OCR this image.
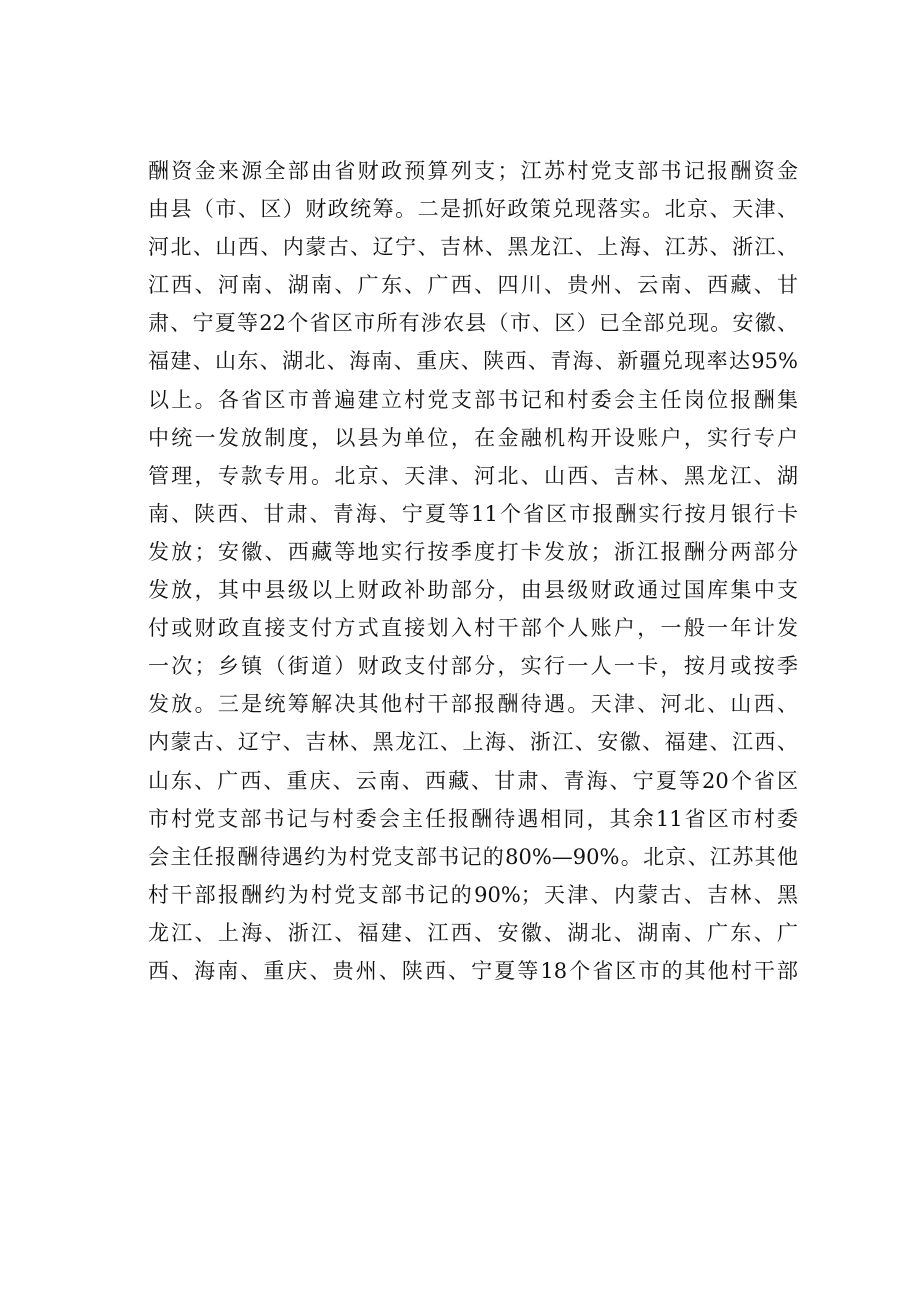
酬资金来源全部由省财政预算列支；江苏村党支部书记报酬资金
由县（市、区）财政统筹。二是抓好政策兑现落实。北京、天津、
河北、山西、内蒙古、辽宁、吉林、黑龙江、上海、江苏、浙江、
江西、河南、湖南、广东、广西、四川、贵州、云南、西藏、甘
肃、宁夏等22个省区市所有涉农县（市、区）已全部兑现。安徽、
福建、山东、湖北、海南、重庆、陕西、青海、新疆兑现率达95%
以上。各省区市普遍建立村党支部书记和村委会主任岗位报酬集
中统一发放制度，以县为单位，在金融机构开设账户，实行专户
管理，专款专用。北京、天津、河北、山西、吉林、黑龙江、湖
南、陕西、甘肃、青海、宁夏等11个省区市报酬实行按月银行卡
发放；安徽、西藏等地实行按季度打卡发放；浙江报酬分两部分
发放，其中县级以上财政补助部分，由县级财政通过国库集中支
付或财政直接支付方式直接划入村干部个人账户，一般一年计发
一次；乡镇（街道）财政支付部分，实行一人一卡，按月或按季
发放。三是统筹解决其他村干部报酬待遇。天津、河北、山西、
内蒙古、辽宁、吉林、黑龙江、上海、浙江、安徽、福建、江西、
山东、广西、重庆、云南、西藏、甘肃、青海、宁夏等20个省区
市村党支部书记与村委会主任报酬待遇相同，其余11省区市村委
会主任报酬待遇约为村党支部书记的80%—90%。北京、江苏其他
村干部报酬约为村党支部书记的90%；天津、内蒙古、吉林、黑
龙江、上海、浙江、福建、江西、安徽、湖北、湖南、广东、广
西、海南、重庆、贵州、陕西、宁夏等18个省区市的其他村干部
